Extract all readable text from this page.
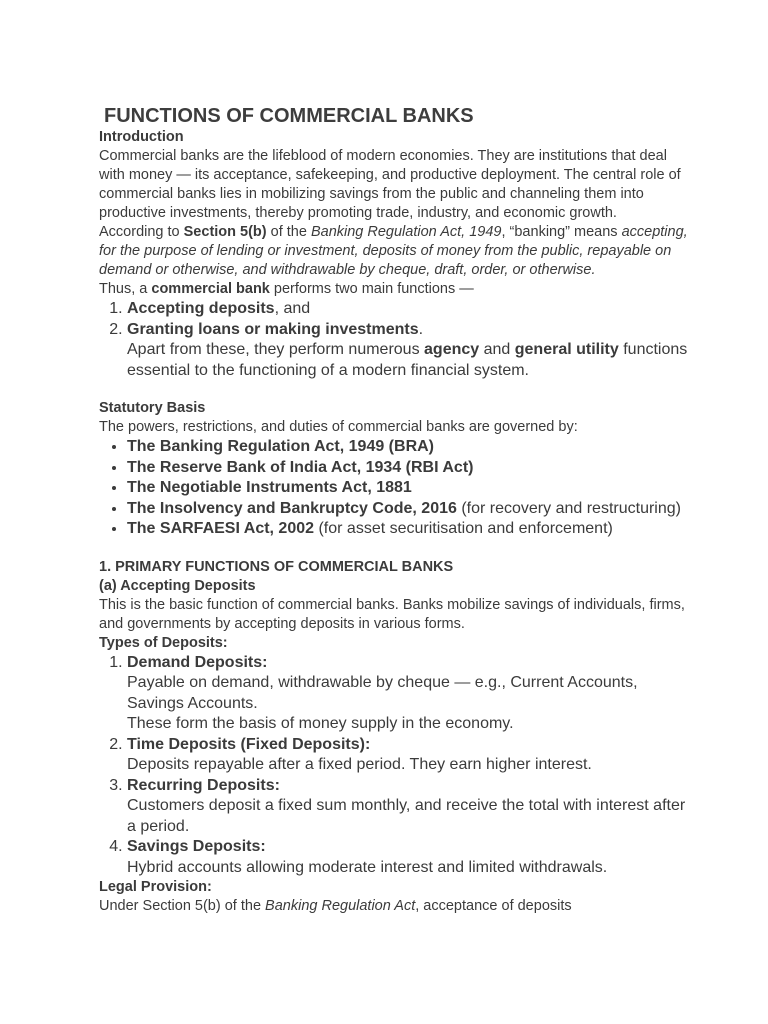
FUNCTIONS OF COMMERCIAL BANKS
Introduction

Commercial banks are the lifeblood of modern economies. They are institutions that deal with money — its acceptance, safekeeping, and productive deployment. The central role of commercial banks lies in mobilizing savings from the public and channeling them into productive investments, thereby promoting trade, industry, and economic growth.

According to Section 5(b) of the Banking Regulation Act, 1949, “banking” means accepting, for the purpose of lending or investment, deposits of money from the public, repayable on demand or otherwise, and withdrawable by cheque, draft, order, or otherwise.

Thus, a commercial bank performs two main functions —

1. Accepting deposits, and
2. Granting loans or making investments.
Apart from these, they perform numerous agency and general utility functions essential to the functioning of a modern financial system.
Statutory Basis

The powers, restrictions, and duties of commercial banks are governed by:

• The Banking Regulation Act, 1949 (BRA)
• The Reserve Bank of India Act, 1934 (RBI Act)
• The Negotiable Instruments Act, 1881
• The Insolvency and Bankruptcy Code, 2016 (for recovery and restructuring)
• The SARFAESI Act, 2002 (for asset securitisation and enforcement)
1. PRIMARY FUNCTIONS OF COMMERCIAL BANKS
(a) Accepting Deposits

This is the basic function of commercial banks. Banks mobilize savings of individuals, firms, and governments by accepting deposits in various forms.

Types of Deposits:
1. Demand Deposits:
Payable on demand, withdrawable by cheque — e.g., Current Accounts, Savings Accounts.
These form the basis of money supply in the economy.
2. Time Deposits (Fixed Deposits):
Deposits repayable after a fixed period. They earn higher interest.
3. Recurring Deposits:
Customers deposit a fixed sum monthly, and receive the total with interest after a period.
4. Savings Deposits:
Hybrid accounts allowing moderate interest and limited withdrawals.
Legal Provision:

Under Section 5(b) of the Banking Regulation Act, acceptance of deposits
